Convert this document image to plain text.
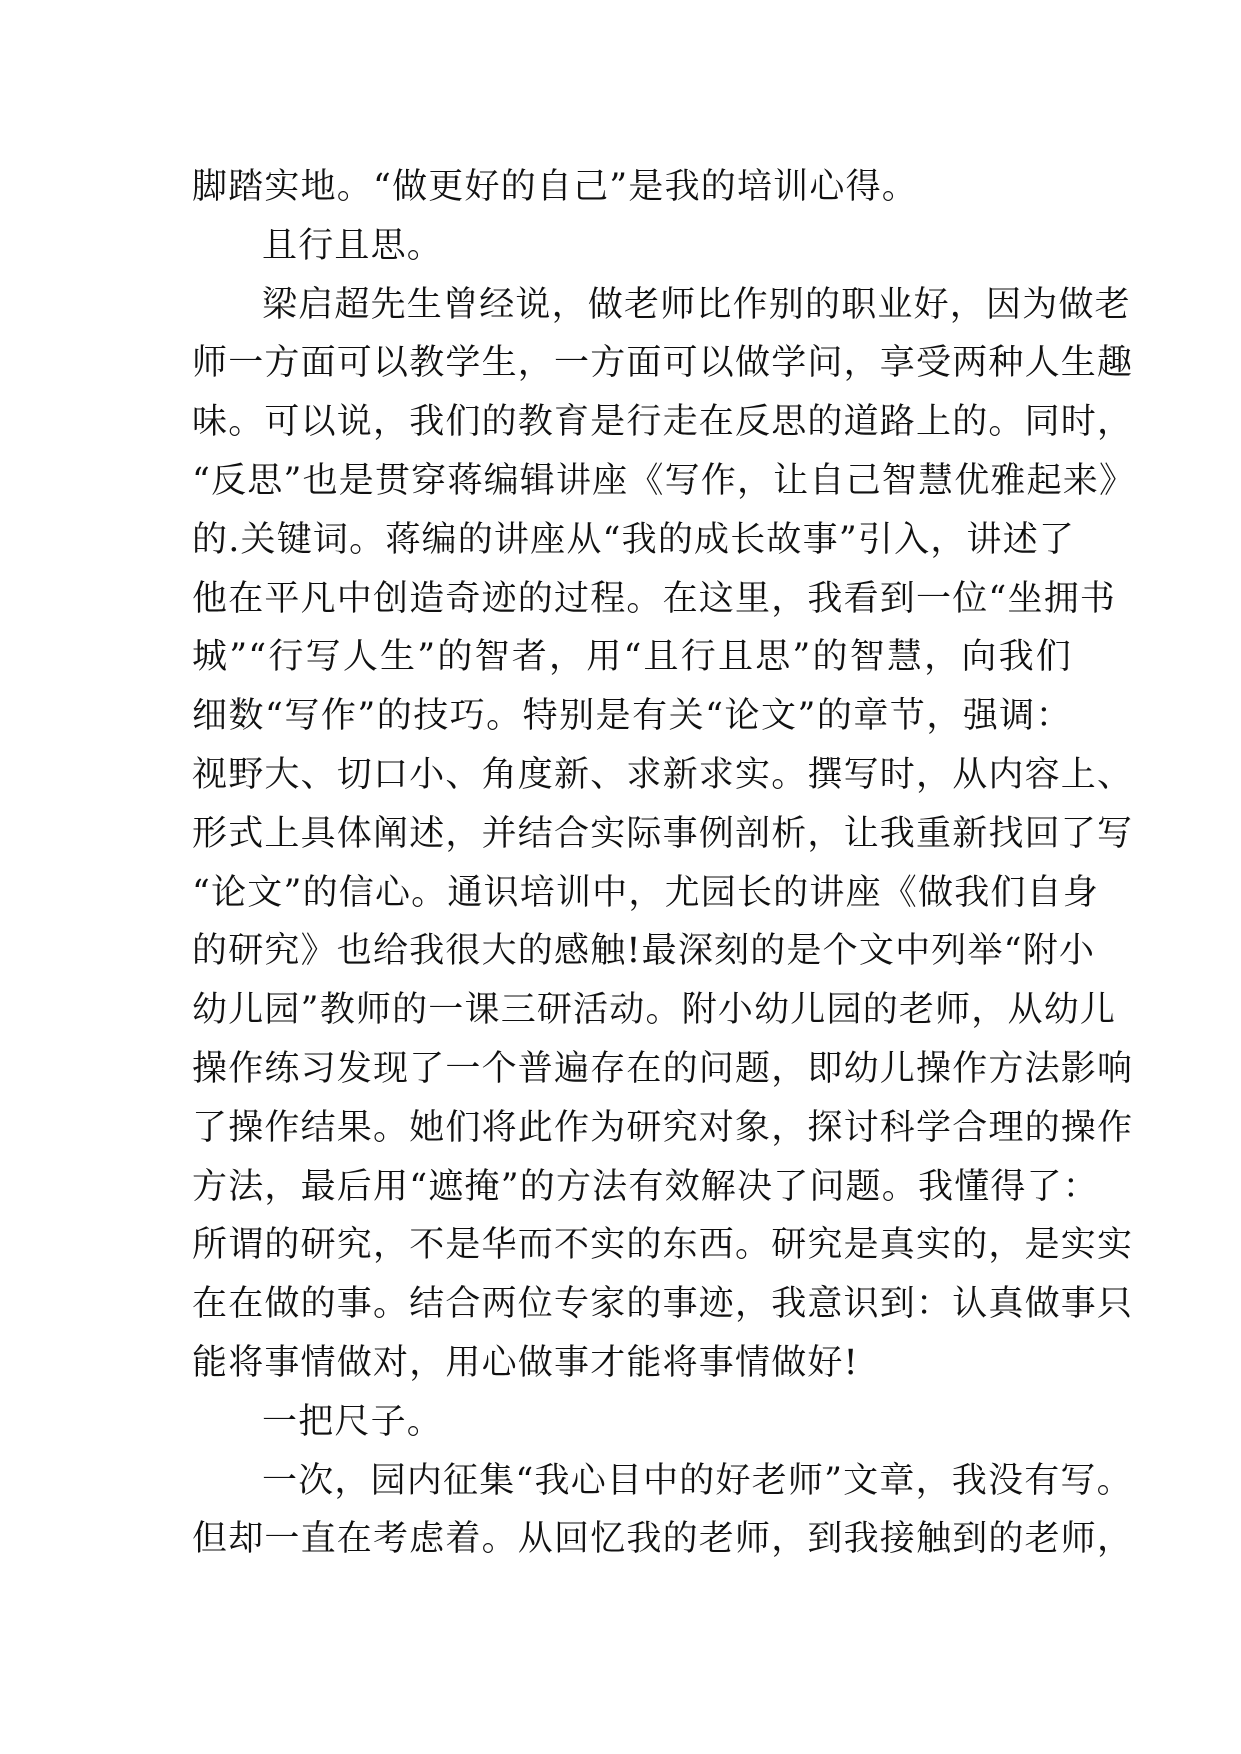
脚踏实地。“做更好的自己”是我的培训心得。
且行且思。
梁启超先生曾经说，做老师比作别的职业好，因为做老
师一方面可以教学生，一方面可以做学问，享受两种人生趣
味。可以说，我们的教育是行走在反思的道路上的。同时，
“反思”也是贯穿蒋编辑讲座《写作，让自己智慧优雅起来》
的.关键词。蒋编的讲座从“我的成长故事”引入，讲述了
他在平凡中创造奇迹的过程。在这里，我看到一位“坐拥书
城”“行写人生”的智者，用“且行且思”的智慧，向我们
细数“写作”的技巧。特别是有关“论文”的章节，强调：
视野大、切口小、角度新、求新求实。撰写时，从内容上、
形式上具体阐述，并结合实际事例剖析，让我重新找回了写
“论文”的信心。通识培训中，尤园长的讲座《做我们自身
的研究》也给我很大的感触!最深刻的是个文中列举“附小
幼儿园”教师的一课三研活动。附小幼儿园的老师，从幼儿
操作练习发现了一个普遍存在的问题，即幼儿操作方法影响
了操作结果。她们将此作为研究对象，探讨科学合理的操作
方法，最后用“遮掩”的方法有效解决了问题。我懂得了：
所谓的研究，不是华而不实的东西。研究是真实的，是实实
在在做的事。结合两位专家的事迹，我意识到：认真做事只
能将事情做对，用心做事才能将事情做好!
一把尺子。
一次，园内征集“我心目中的好老师”文章，我没有写。
但却一直在考虑着。从回忆我的老师，到我接触到的老师，
